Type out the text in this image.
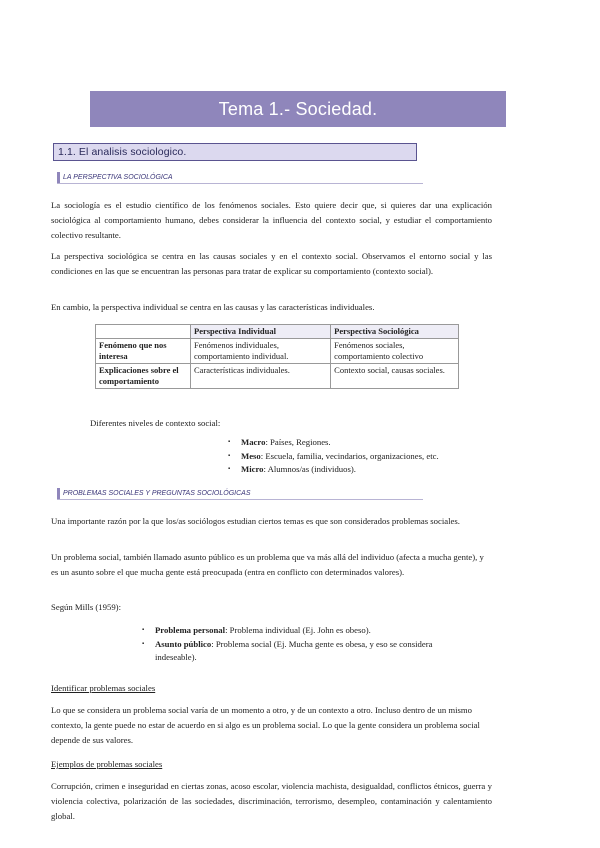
Tema 1.- Sociedad.
1.1. El analisis sociologico.
LA PERSPECTIVA SOCIOLÓGICA

La sociología es el estudio científico de los fenómenos sociales. Esto quiere decir que, si quieres dar una explicación sociológica al comportamiento humano, debes considerar la influencia del contexto social, y estudiar el comportamiento colectivo resultante.

La perspectiva sociológica se centra en las causas sociales y en el contexto social. Observamos el entorno social y las condiciones en las que se encuentran las personas para tratar de explicar su comportamiento (contexto social).

En cambio, la perspectiva individual se centra en las causas y las características individuales.

	Perspectiva Individual	Perspectiva Sociológica
Fenómeno que nos interesa	Fenómenos individuales, comportamiento individual.	Fenómenos sociales, comportamiento colectivo
Explicaciones sobre el comportamiento	Características individuales.	Contexto social, causas sociales.

Diferentes niveles de contexto social:

▪ Macro: Países, Regiones.
▪ Meso: Escuela, familia, vecindarios, organizaciones, etc.
▪ Micro: Alumnos/as (individuos).
PROBLEMAS SOCIALES Y PREGUNTAS SOCIOLÓGICAS

Una importante razón por la que los/as sociólogos estudian ciertos temas es que son considerados problemas sociales.

Un problema social, también llamado asunto público es un problema que va más allá del individuo (afecta a mucha gente), y es un asunto sobre el que mucha gente está preocupada (entra en conflicto con determinados valores).

Según Mills (1959):

▪ Problema personal: Problema individual (Ej. John es obeso).
▪ Asunto público: Problema social (Ej. Mucha gente es obesa, y eso se considera indeseable).
Identificar problemas sociales

Lo que se considera un problema social varía de un momento a otro, y de un contexto a otro. Incluso dentro de un mismo contexto, la gente puede no estar de acuerdo en si algo es un problema social. Lo que la gente considera un problema social depende de sus valores.

Ejemplos de problemas sociales

Corrupción, crimen e inseguridad en ciertas zonas, acoso escolar, violencia machista, desigualdad, conflictos étnicos, guerra y violencia colectiva, polarización de las sociedades, discriminación, terrorismo, desempleo, contaminación y calentamiento global.
